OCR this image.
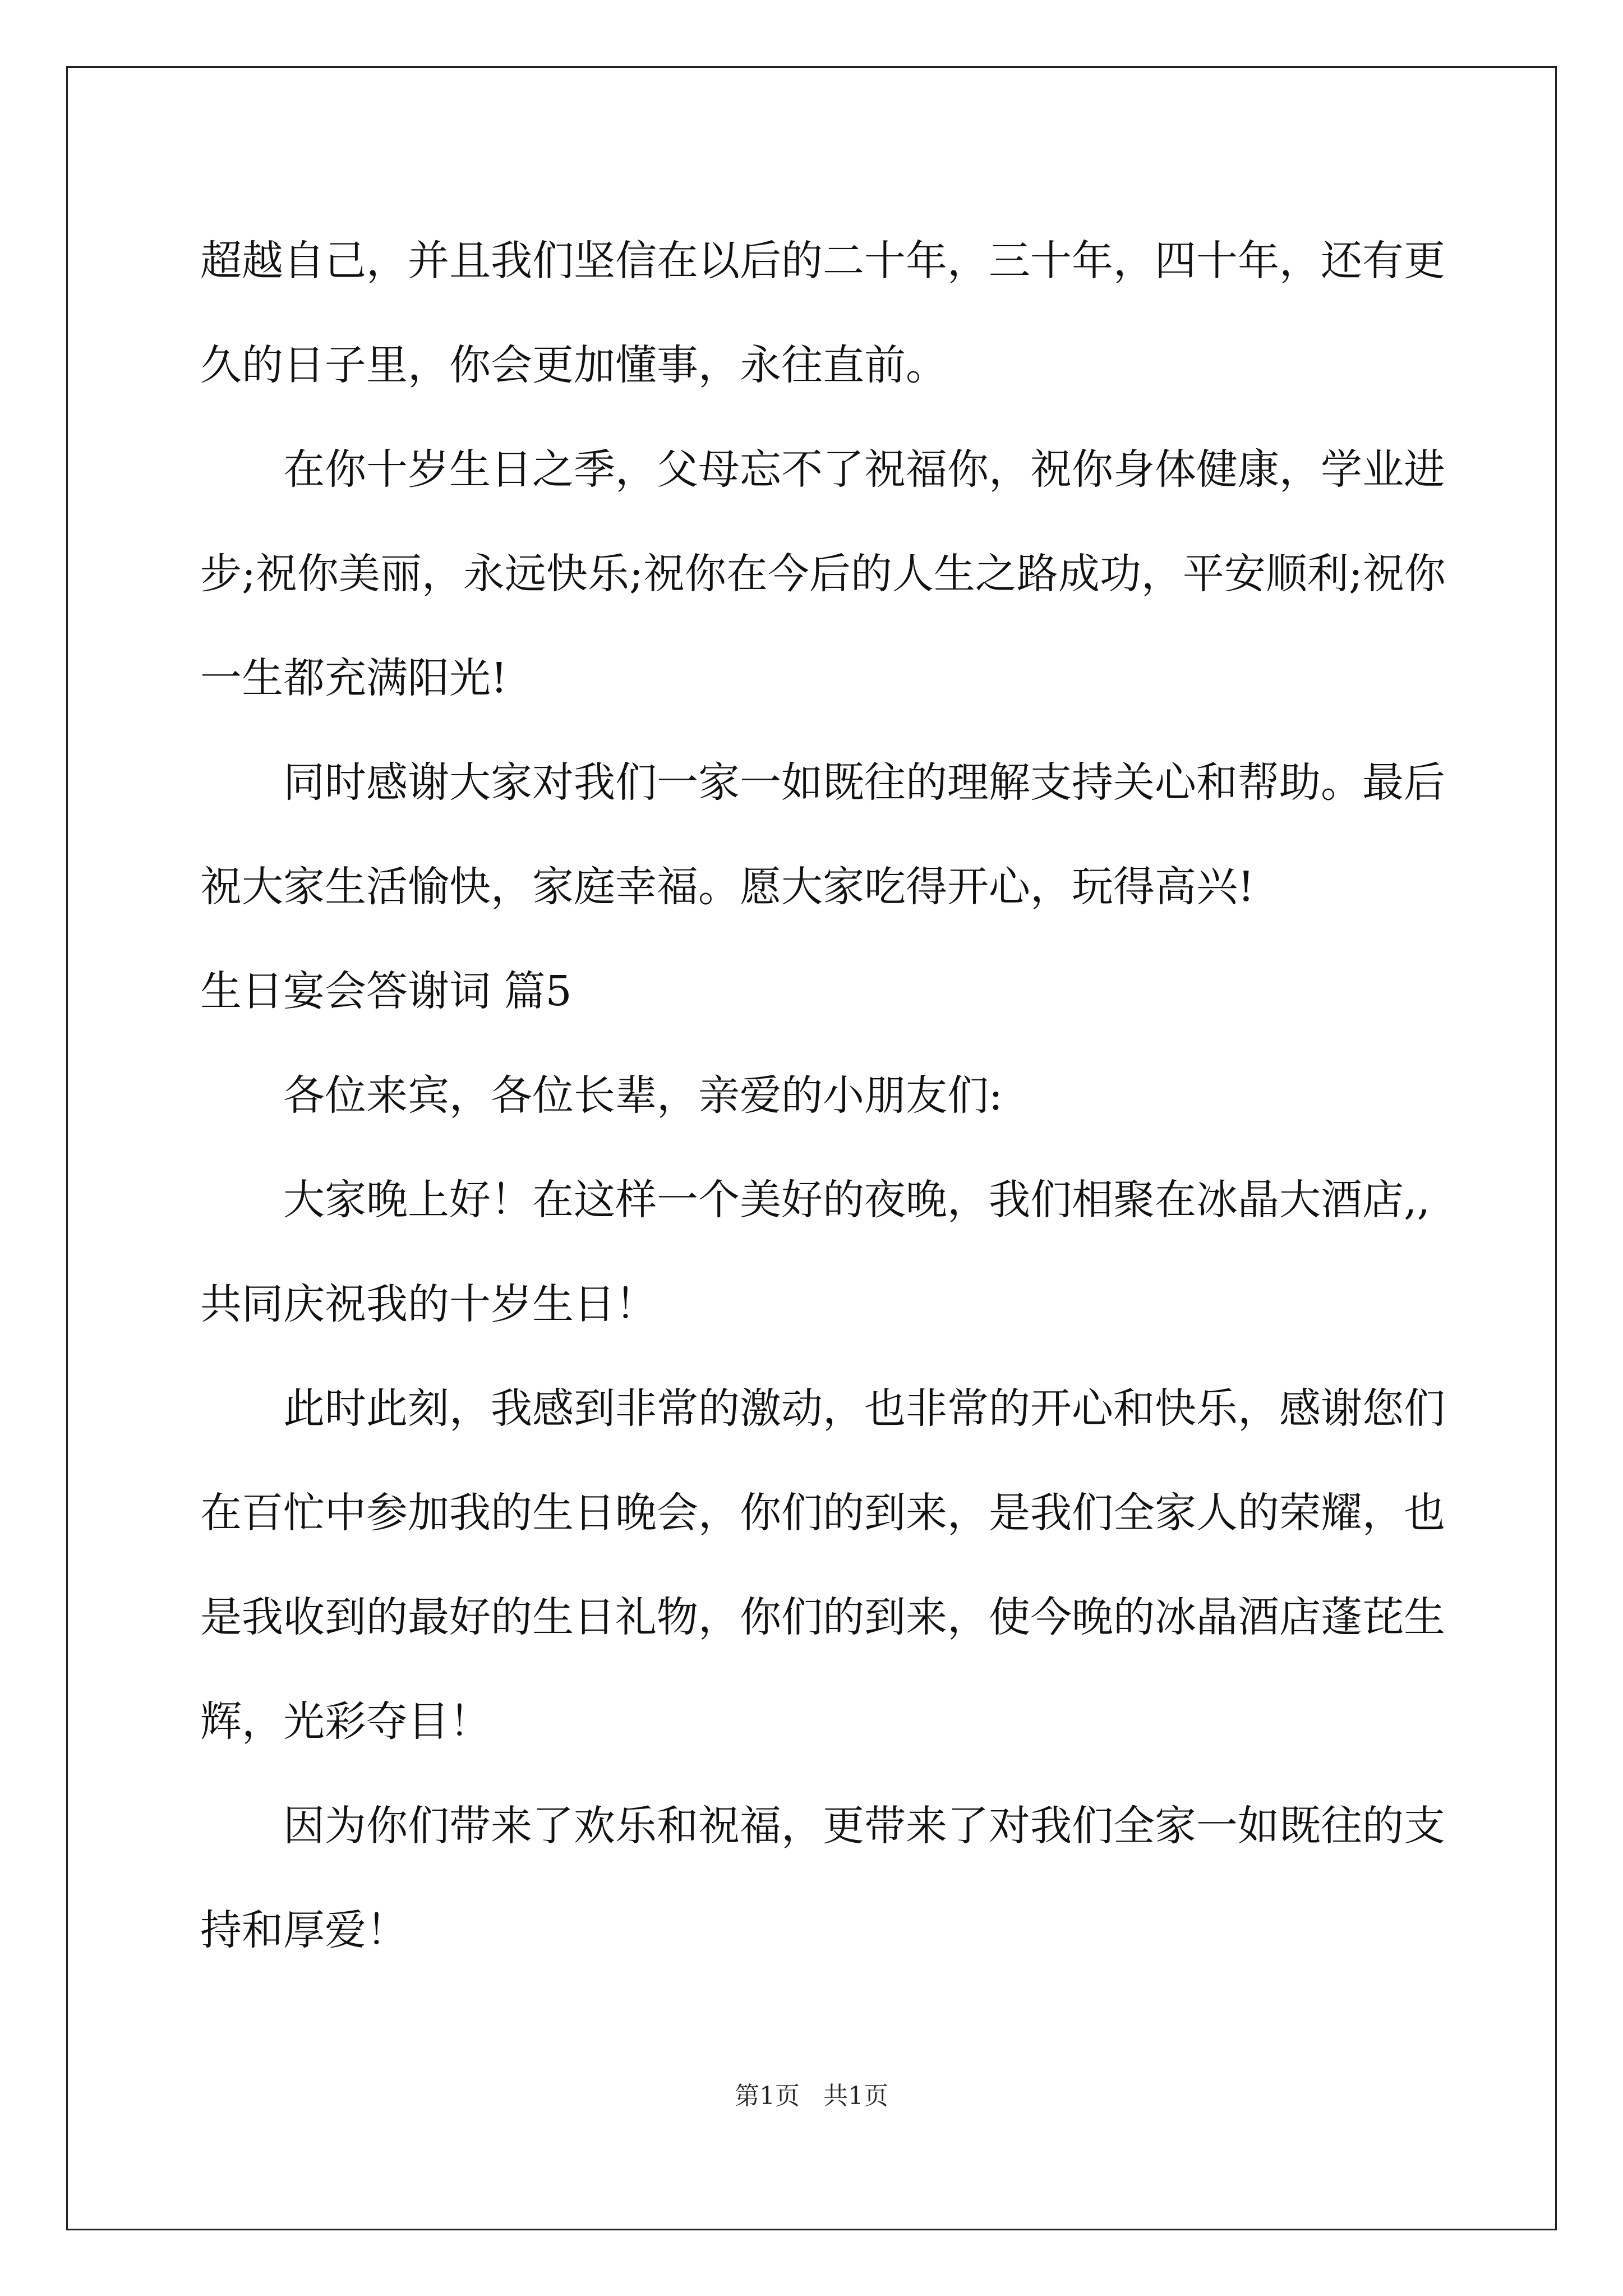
超越自己，并且我们坚信在以后的二十年，三十年，四十年，还有更
久的日子里，你会更加懂事，永往直前。
在你十岁生日之季，父母忘不了祝福你，祝你身体健康，学业进
步;祝你美丽，永远快乐;祝你在今后的人生之路成功，平安顺利;祝你
一生都充满阳光!
同时感谢大家对我们一家一如既往的理解支持关心和帮助。最后
祝大家生活愉快，家庭幸福。愿大家吃得开心，玩得高兴!
生日宴会答谢词 篇5
各位来宾，各位长辈，亲爱的小朋友们:
大家晚上好！在这样一个美好的夜晚，我们相聚在冰晶大酒店,,
共同庆祝我的十岁生日！
此时此刻，我感到非常的激动，也非常的开心和快乐，感谢您们
在百忙中参加我的生日晚会，你们的到来，是我们全家人的荣耀，也
是我收到的最好的生日礼物，你们的到来，使今晚的冰晶酒店蓬芘生
辉，光彩夺目！
因为你们带来了欢乐和祝福，更带来了对我们全家一如既往的支
持和厚爱！
第1页   共1页
